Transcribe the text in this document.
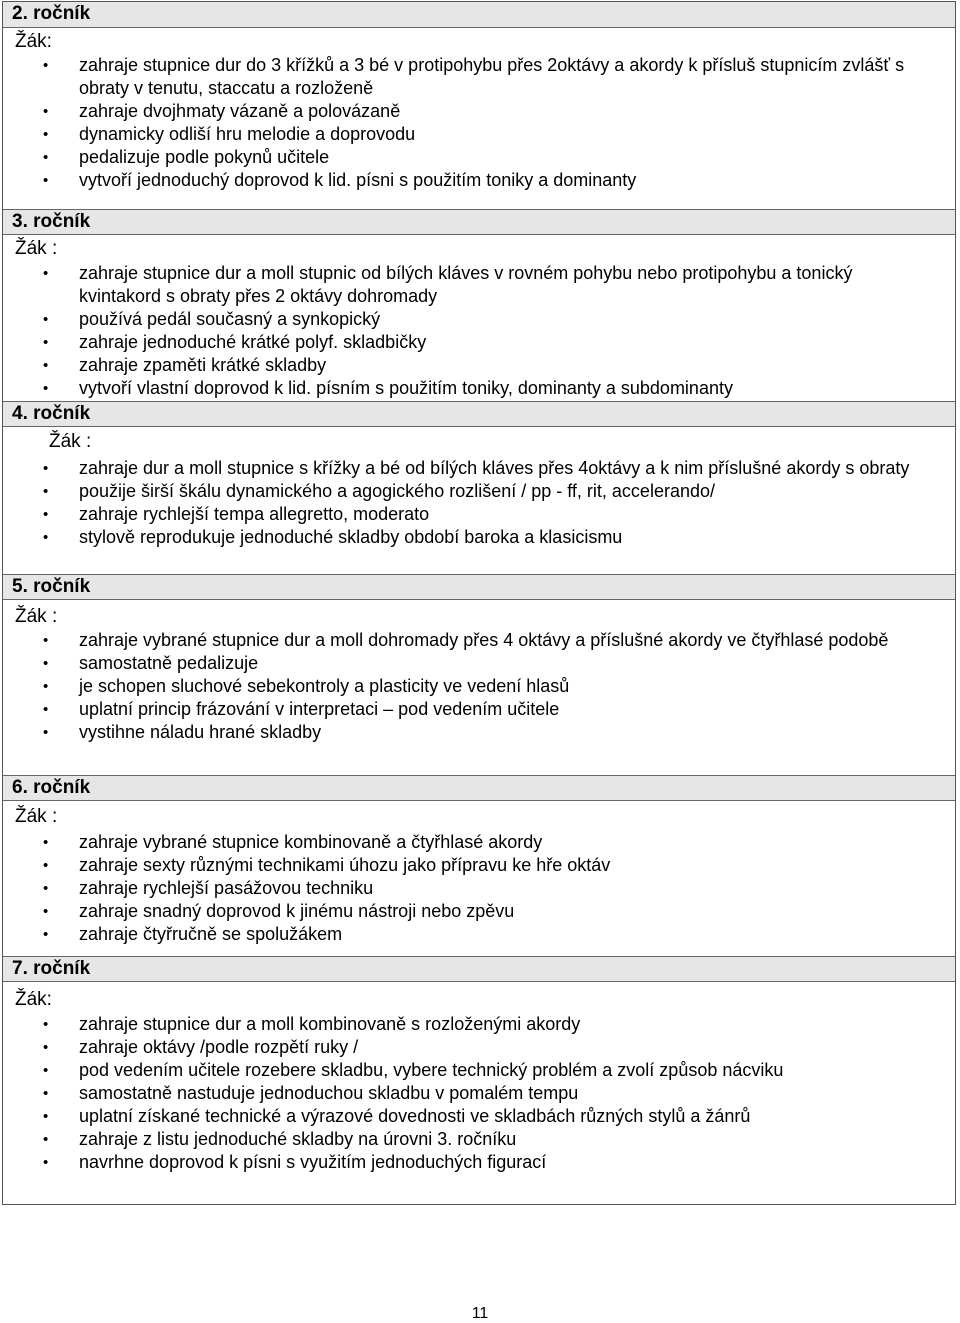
2. ročník
Žák:
• zahraje stupnice dur do 3 křížků a 3 bé v protipohybu přes 2oktávy a akordy k přísluš stupnicím zvlášť s obraty v tenutu, staccatu a rozloženě
• zahraje dvojhmaty vázaně a polovázaně
• dynamicky odliší hru melodie a doprovodu
• pedalizuje podle pokynů učitele
• vytvoří jednoduchý doprovod k lid. písni s použitím toniky a dominanty
3. ročník
Žák :
• zahraje stupnice dur a moll stupnic od bílých kláves v rovném pohybu nebo protipohybu a tonický kvintakord s obraty přes 2 oktávy dohromady
• používá pedál současný a synkopický
• zahraje jednoduché krátké polyf. skladbičky
• zahraje zpaměti krátké skladby
• vytvoří vlastní doprovod k lid. písním s použitím toniky, dominanty a subdominanty
4. ročník
Žák :
• zahraje dur a moll stupnice s křížky a bé od bílých kláves přes 4oktávy a k nim příslušné akordy s obraty
• použije širší škálu dynamického a agogického rozlišení / pp - ff, rit, accelerando/
• zahraje rychlejší tempa allegretto, moderato
• stylově reprodukuje jednoduché skladby období baroka a klasicismu
5. ročník
Žák :
• zahraje vybrané stupnice dur a moll dohromady přes 4 oktávy a příslušné akordy ve čtyřhlasé podobě
• samostatně pedalizuje
• je schopen sluchové sebekontroly a plasticity ve vedení hlasů
• uplatní princip frázování v interpretaci – pod vedením učitele
• vystihne náladu hrané skladby
6. ročník
Žák :
• zahraje vybrané stupnice kombinovaně a čtyřhlasé akordy
• zahraje sexty různými technikami úhozu jako přípravu ke hře oktáv
• zahraje rychlejší pasážovou techniku
• zahraje snadný doprovod k jinému nástroji nebo zpěvu
• zahraje čtyřručně se spolužákem
7. ročník
Žák:
• zahraje stupnice dur a moll kombinovaně s rozloženými akordy
• zahraje oktávy /podle rozpětí ruky /
• pod vedením učitele rozebere skladbu, vybere technický problém a zvolí způsob nácviku
• samostatně nastuduje jednoduchou skladbu v pomalém tempu
• uplatní získané technické a výrazové dovednosti ve skladbách různých stylů a žánrů
• zahraje z listu jednoduché skladby na úrovni 3. ročníku
• navrhne doprovod k písni s využitím jednoduchých figurací
11
